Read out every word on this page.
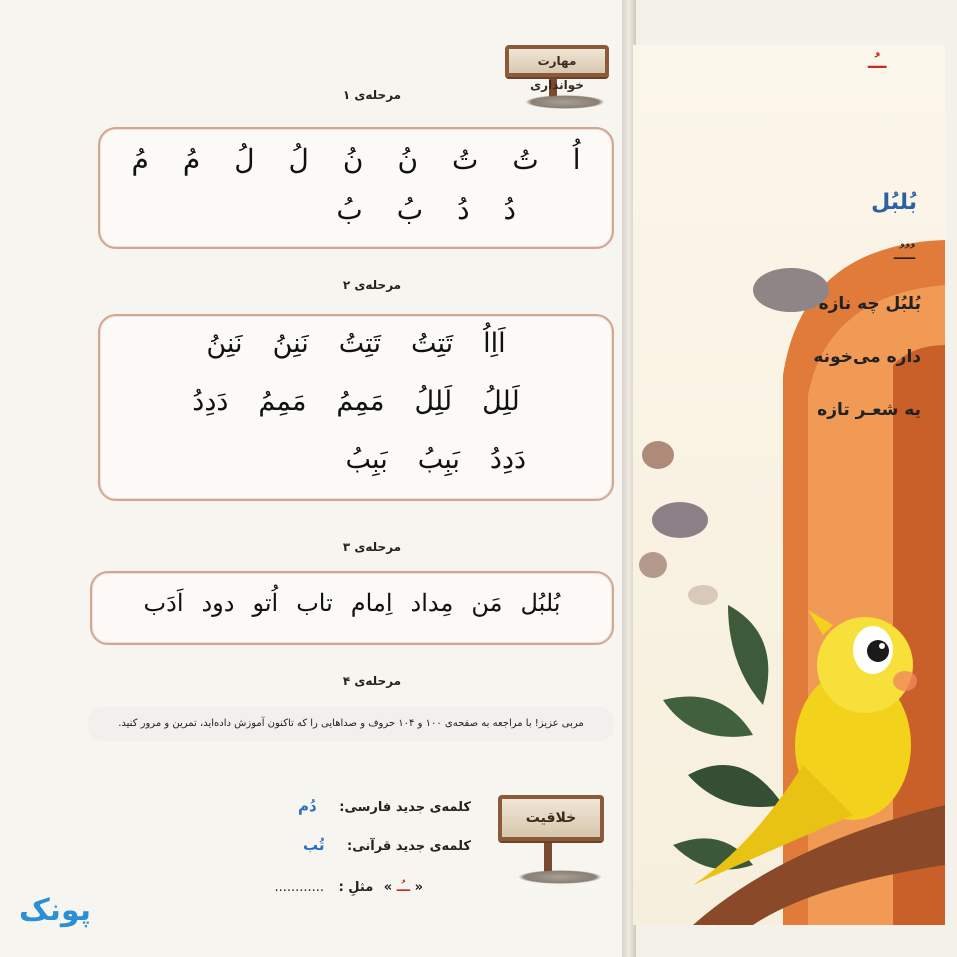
مهارت خوانداری
مرحله‌ی ۱
اُ
تُ
تُ
نُ
نُ
لُ
لُ
مُ
مُ
دُ
دُ
بُ
بُ
مرحله‌ی ۲
اَاِاُ
تَتِتُ
تَتِتُ
نَنِنُ
نَنِنُ
لَلِلُ
لَلِلُ
مَمِمُ
مَمِمُ
دَدِدُ
دَدِدُ
بَبِبُ
بَبِبُ
مرحله‌ی ۳
بُلبُل
مَن
مِداد
اِمام
تاب
اُتو
دود
اَدَب
مرحله‌ی ۴
مربی عزیز! با مراجعه به صفحه‌ی ۱۰۰ و ۱۰۴ حروف و صداهایی را که تاکنون آموزش داده‌اید، تمرین و مرور کنید.
خلاقیت
کلمه‌ی جدید فارسی: دُم
کلمه‌ی جدید قرآنی: تُب
« ــُـ » مثلِ : ............
بُلبُل
ـُـُـُـ
بُلبُل چه نازه
داره می‌خونه
یه شعـر تازه
ــُـ
پونک
